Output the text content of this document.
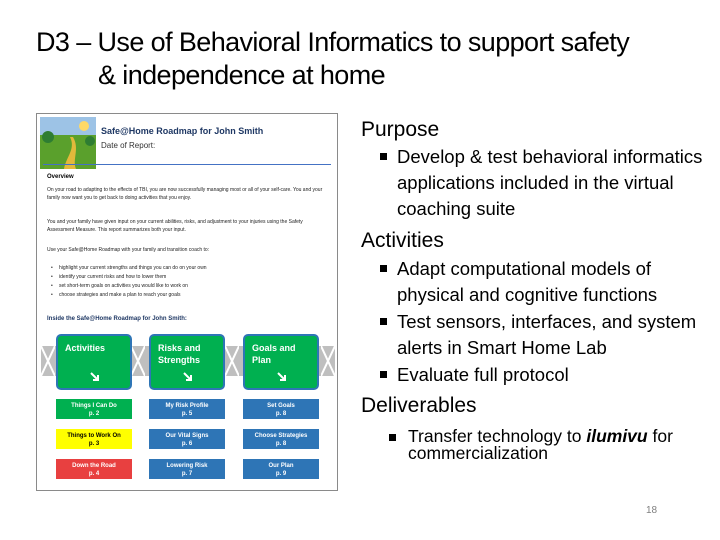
D3 – Use of Behavioral Informatics to support safety
& independence at home
Safe@Home Roadmap for John Smith
Date of Report:
Overview
On your road to adapting to the effects of TBI, you are now successfully managing most or all of your self-care. You and your family now want you to get back to doing activities that you enjoy.
You and your family have given input on your current abilities, risks, and adjustment to your injuries using the Safety Assessment Measure. This report summarizes both your input.
Use your Safe@Home Roadmap with your family and transition coach to:
• highlight your current strengths and things you can do on your own
• identify your current risks and how to lower them
• set short-term goals on activities you would like to work on
• choose strategies and make a plan to reach your goals
Inside the Safe@Home Roadmap for John Smith:
Activities	Risks and Strengths
Goals and Plan
Things I Can Do
p. 2
My Risk Profile
p. 5
Set Goals
p. 8
Things to Work On
p. 3
Our Vital Signs
p. 6
Choose Strategies
p. 8
Down the Road
p. 4
Lowering Risk
p. 7
Our Plan
p. 9
Purpose
Develop & test behavioral informatics applications included in the virtual coaching suite
Activities
Adapt computational models of physical and cognitive functions
Test sensors, interfaces, and system alerts in Smart Home Lab
Evaluate full protocol
Deliverables
Transfer technology to ilumivu for commercialization
18
